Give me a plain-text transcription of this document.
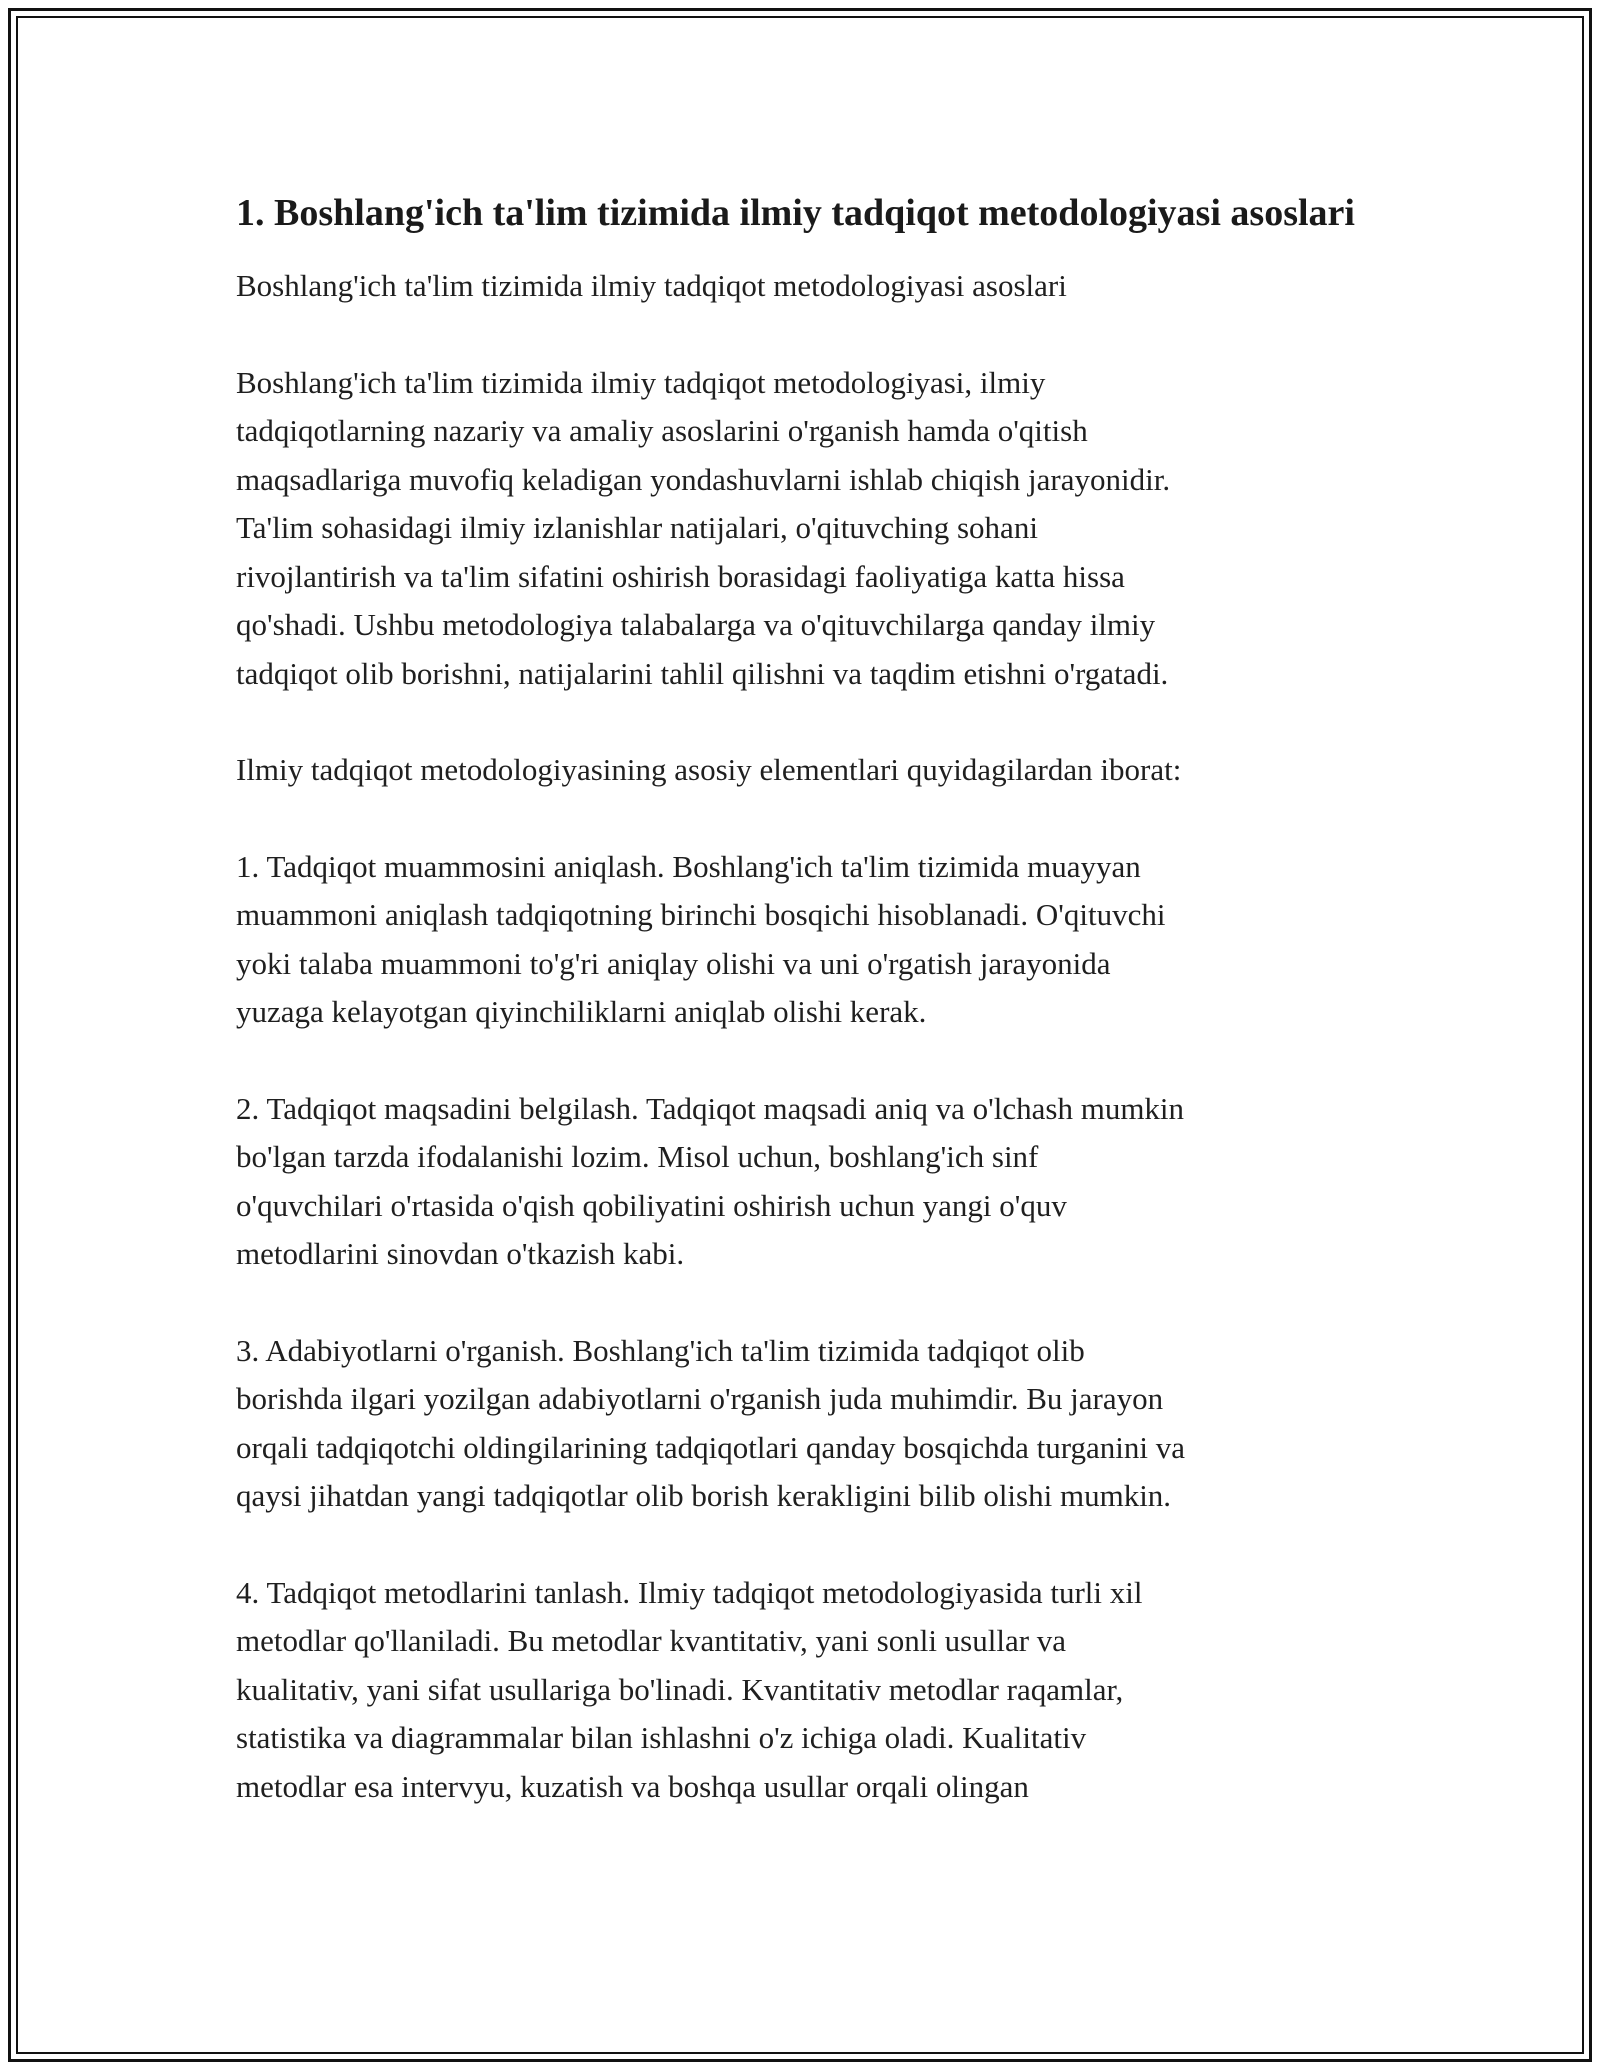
1. Boshlang'ich ta'lim tizimida ilmiy tadqiqot metodologiyasi asoslari

Boshlang'ich ta'lim tizimida ilmiy tadqiqot metodologiyasi asoslari

Boshlang'ich ta'lim tizimida ilmiy tadqiqot metodologiyasi, ilmiy
tadqiqotlarning nazariy va amaliy asoslarini o'rganish hamda o'qitish
maqsadlariga muvofiq keladigan yondashuvlarni ishlab chiqish jarayonidir.
Ta'lim sohasidagi ilmiy izlanishlar natijalari, o'qituvching sohani
rivojlantirish va ta'lim sifatini oshirish borasidagi faoliyatiga katta hissa
qo'shadi. Ushbu metodologiya talabalarga va o'qituvchilarga qanday ilmiy
tadqiqot olib borishni, natijalarini tahlil qilishni va taqdim etishni o'rgatadi.

Ilmiy tadqiqot metodologiyasining asosiy elementlari quyidagilardan iborat:

1. Tadqiqot muammosini aniqlash. Boshlang'ich ta'lim tizimida muayyan
muammoni aniqlash tadqiqotning birinchi bosqichi hisoblanadi. O'qituvchi
yoki talaba muammoni to'g'ri aniqlay olishi va uni o'rgatish jarayonida
yuzaga kelayotgan qiyinchiliklarni aniqlab olishi kerak.

2. Tadqiqot maqsadini belgilash. Tadqiqot maqsadi aniq va o'lchash mumkin
bo'lgan tarzda ifodalanishi lozim. Misol uchun, boshlang'ich sinf
o'quvchilari o'rtasida o'qish qobiliyatini oshirish uchun yangi o'quv
metodlarini sinovdan o'tkazish kabi.

3. Adabiyotlarni o'rganish. Boshlang'ich ta'lim tizimida tadqiqot olib
borishda ilgari yozilgan adabiyotlarni o'rganish juda muhimdir. Bu jarayon
orqali tadqiqotchi oldingilarining tadqiqotlari qanday bosqichda turganini va
qaysi jihatdan yangi tadqiqotlar olib borish kerakligini bilib olishi mumkin.

4. Tadqiqot metodlarini tanlash. Ilmiy tadqiqot metodologiyasida turli xil
metodlar qo'llaniladi. Bu metodlar kvantitativ, yani sonli usullar va
kualitativ, yani sifat usullariga bo'linadi. Kvantitativ metodlar raqamlar,
statistika va diagrammalar bilan ishlashni o'z ichiga oladi. Kualitativ
metodlar esa intervyu, kuzatish va boshqa usullar orqali olingan
